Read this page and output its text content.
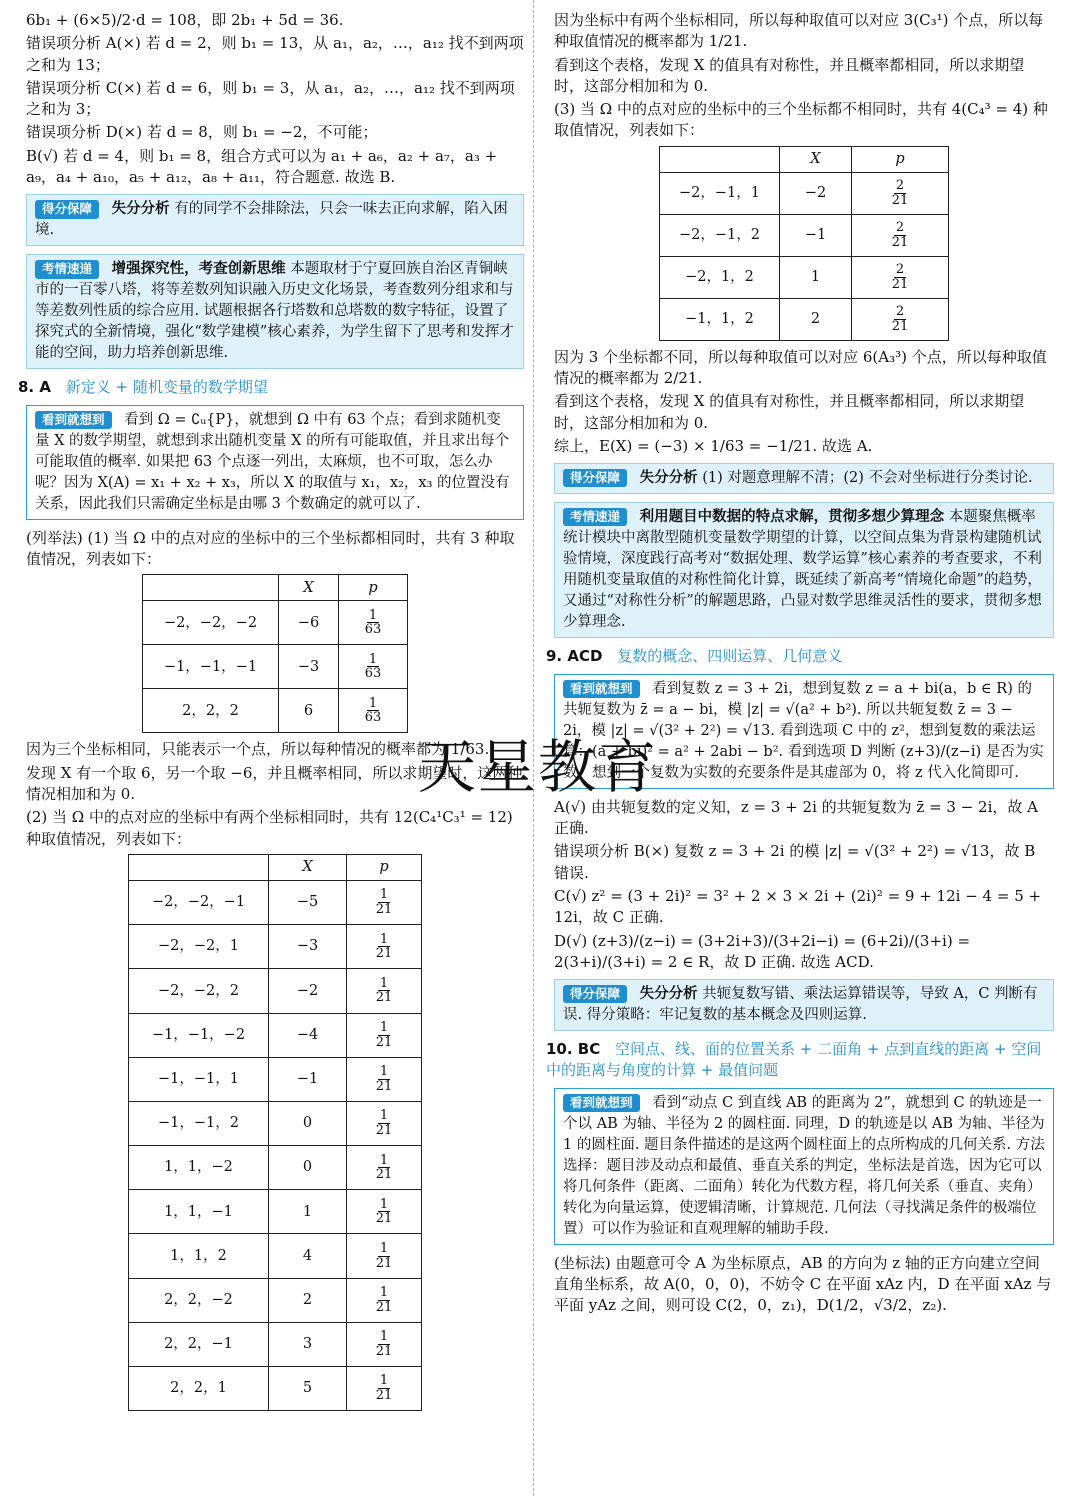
6b₁ + (6×5)/2·d = 108，即 2b₁ + 5d = 36.

错误项分析 A(×) 若 d = 2，则 b₁ = 13，从 a₁，a₂，…，a₁₂ 找不到两项之和为 13；

错误项分析 C(×) 若 d = 6，则 b₁ = 3，从 a₁，a₂，…，a₁₂ 找不到两项之和为 3；

错误项分析 D(×) 若 d = 8，则 b₁ = −2，不可能；

B(√) 若 d = 4，则 b₁ = 8，组合方式可以为 a₁ + a₆，a₂ + a₇，a₃ + a₉，a₄ + a₁₀，a₅ + a₁₂，a₈ + a₁₁，符合题意. 故选 B.

得分保障 失分分析 有的同学不会排除法，只会一味去正向求解，陷入困境.
考情速递 增强探究性，考查创新思维 本题取材于宁夏回族自治区青铜峡市的一百零八塔，将等差数列知识融入历史文化场景，考查数列分组求和与等差数列性质的综合应用. 试题根据各行塔数和总塔数的数字特征，设置了探究式的全新情境，强化“数学建模”核心素养，为学生留下了思考和发挥才能的空间，助力培养创新思维.
8. A 新定义 + 随机变量的数学期望
看到就想到 看到 Ω = ∁ᵤ{P}，就想到 Ω 中有 63 个点；看到求随机变量 X 的数学期望，就想到求出随机变量 X 的所有可能取值，并且求出每个可能取值的概率. 如果把 63 个点逐一列出，太麻烦，也不可取，怎么办呢？因为 X(A) = x₁ + x₂ + x₃，所以 X 的取值与 x₁，x₂，x₃ 的位置没有关系，因此我们只需确定坐标是由哪 3 个数确定的就可以了.

(列举法) (1) 当 Ω 中的点对应的坐标中的三个坐标都相同时，共有 3 种取值情况，列表如下：

	X	p
−2，−2，−2	−6	$\frac{1}{63}$

−1，−1，−1	−3	$\frac{1}{63}$

2，2，2	6	$\frac{1}{63}$

因为三个坐标相同，只能表示一个点，所以每种情况的概率都为 1/63.

发现 X 有一个取 6，另一个取 −6，并且概率相同，所以求期望时，这两种情况相加和为 0.

(2) 当 Ω 中的点对应的坐标中有两个坐标相同时，共有 12(C₄¹C₃¹ = 12) 种取值情况，列表如下：

	X	p
−2，−2，−1	−5	$\frac{1}{21}$

−2，−2，1	−3	$\frac{1}{21}$

−2，−2，2	−2	$\frac{1}{21}$

−1，−1，−2	−4	$\frac{1}{21}$

−1，−1，1	−1	$\frac{1}{21}$

−1，−1，2	0	$\frac{1}{21}$

1，1，−2	0	$\frac{1}{21}$

1，1，−1	1	$\frac{1}{21}$

1，1，2	4	$\frac{1}{21}$

2，2，−2	2	$\frac{1}{21}$

2，2，−1	3	$\frac{1}{21}$

2，2，1	5	$\frac{1}{21}$

因为坐标中有两个坐标相同，所以每种取值可以对应 3(C₃¹) 个点，所以每种取值情况的概率都为 1/21.

看到这个表格，发现 X 的值具有对称性，并且概率都相同，所以求期望时，这部分相加和为 0.

(3) 当 Ω 中的点对应的坐标中的三个坐标都不相同时，共有 4(C₄³ = 4) 种取值情况，列表如下：

	X	p
−2，−1，1	−2	$\frac{2}{21}$

−2，−1，2	−1	$\frac{2}{21}$

−2，1，2	1	$\frac{2}{21}$

−1，1，2	2	$\frac{2}{21}$

因为 3 个坐标都不同，所以每种取值可以对应 6(A₃³) 个点，所以每种取值情况的概率都为 2/21.

看到这个表格，发现 X 的值具有对称性，并且概率都相同，所以求期望时，这部分相加和为 0.

综上，E(X) = (−3) × 1/63 = −1/21. 故选 A.

得分保障 失分分析 (1) 对题意理解不清；(2) 不会对坐标进行分类讨论.
考情速递 利用题目中数据的特点求解，贯彻多想少算理念 本题聚焦概率统计模块中离散型随机变量数学期望的计算，以空间点集为背景构建随机试验情境，深度践行高考对“数据处理、数学运算”核心素养的考查要求，不利用随机变量取值的对称性简化计算，既延续了新高考“情境化命题”的趋势，又通过“对称性分析”的解题思路，凸显对数学思维灵活性的要求，贯彻多想少算理念.
9. ACD 复数的概念、四则运算、几何意义
看到就想到 看到复数 z = 3 + 2i，想到复数 z = a + bi(a，b ∈ R) 的共轭复数为 z̄ = a − bi，模 |z| = √(a² + b²). 所以共轭复数 z̄ = 3 − 2i，模 |z| = √(3² + 2²) = √13. 看到选项 C 中的 z²，想到复数的乘法运算：(a + bi)² = a² + 2abi − b². 看到选项 D 判断 (z+3)/(z−i) 是否为实数，想到一个复数为实数的充要条件是其虚部为 0，将 z 代入化简即可.

A(√) 由共轭复数的定义知，z = 3 + 2i 的共轭复数为 z̄ = 3 − 2i，故 A 正确.

错误项分析 B(×) 复数 z = 3 + 2i 的模 |z| = √(3² + 2²) = √13，故 B 错误.

C(√) z² = (3 + 2i)² = 3² + 2 × 3 × 2i + (2i)² = 9 + 12i − 4 = 5 + 12i，故 C 正确.

D(√) (z+3)/(z−i) = (3+2i+3)/(3+2i−i) = (6+2i)/(3+i) = 2(3+i)/(3+i) = 2 ∈ R，故 D 正确. 故选 ACD.

得分保障 失分分析 共轭复数写错、乘法运算错误等，导致 A，C 判断有误. 得分策略：牢记复数的基本概念及四则运算.
10. BC 空间点、线、面的位置关系 + 二面角 + 点到直线的距离 + 空间中的距离与角度的计算 + 最值问题
看到就想到 看到“动点 C 到直线 AB 的距离为 2”，就想到 C 的轨迹是一个以 AB 为轴、半径为 2 的圆柱面. 同理，D 的轨迹是以 AB 为轴、半径为 1 的圆柱面. 题目条件描述的是这两个圆柱面上的点所构成的几何关系. 方法选择：题目涉及动点和最值、垂直关系的判定，坐标法是首选，因为它可以将几何条件（距离、二面角）转化为代数方程，将几何关系（垂直、夹角）转化为向量运算，使逻辑清晰，计算规范. 几何法（寻找满足条件的极端位置）可以作为验证和直观理解的辅助手段.

(坐标法) 由题意可令 A 为坐标原点，AB 的方向为 z 轴的正方向建立空间直角坐标系，故 A(0，0，0)，不妨令 C 在平面 xAz 内，D 在平面 xAz 与平面 yAz 之间，则可设 C(2，0，z₁)，D(1/2，√3/2，z₂).

天星教育
